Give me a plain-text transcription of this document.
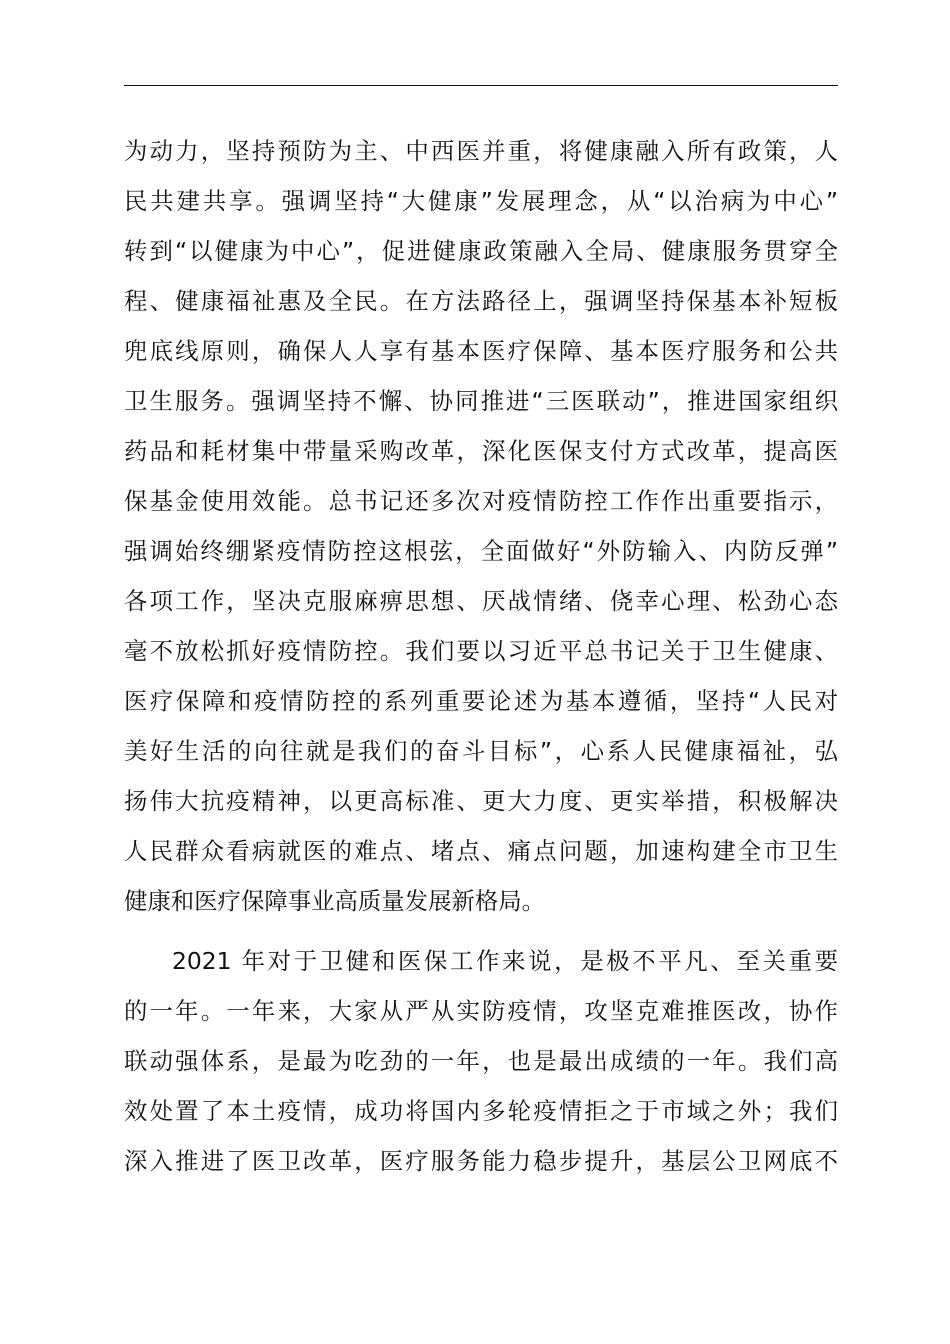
为动力，坚持预防为主、中西医并重，将健康融入所有政策，人
民共建共享。强调坚持“大健康”发展理念，从“以治病为中心”
转到“以健康为中心”，促进健康政策融入全局、健康服务贯穿全
程、健康福祉惠及全民。在方法路径上，强调坚持保基本补短板
兜底线原则，确保人人享有基本医疗保障、基本医疗服务和公共
卫生服务。强调坚持不懈、协同推进“三医联动”，推进国家组织
药品和耗材集中带量采购改革，深化医保支付方式改革，提高医
保基金使用效能。总书记还多次对疫情防控工作作出重要指示，
强调始终绷紧疫情防控这根弦，全面做好“外防输入、内防反弹”
各项工作，坚决克服麻痹思想、厌战情绪、侥幸心理、松劲心态
毫不放松抓好疫情防控。我们要以习近平总书记关于卫生健康、
医疗保障和疫情防控的系列重要论述为基本遵循，坚持“人民对
美好生活的向往就是我们的奋斗目标”，心系人民健康福祉，弘
扬伟大抗疫精神，以更高标准、更大力度、更实举措，积极解决
人民群众看病就医的难点、堵点、痛点问题，加速构建全市卫生
健康和医疗保障事业高质量发展新格局。
2021 年对于卫健和医保工作来说，是极不平凡、至关重要
的一年。一年来，大家从严从实防疫情，攻坚克难推医改，协作
联动强体系，是最为吃劲的一年，也是最出成绩的一年。我们高
效处置了本土疫情，成功将国内多轮疫情拒之于市域之外；我们
深入推进了医卫改革，医疗服务能力稳步提升，基层公卫网底不
